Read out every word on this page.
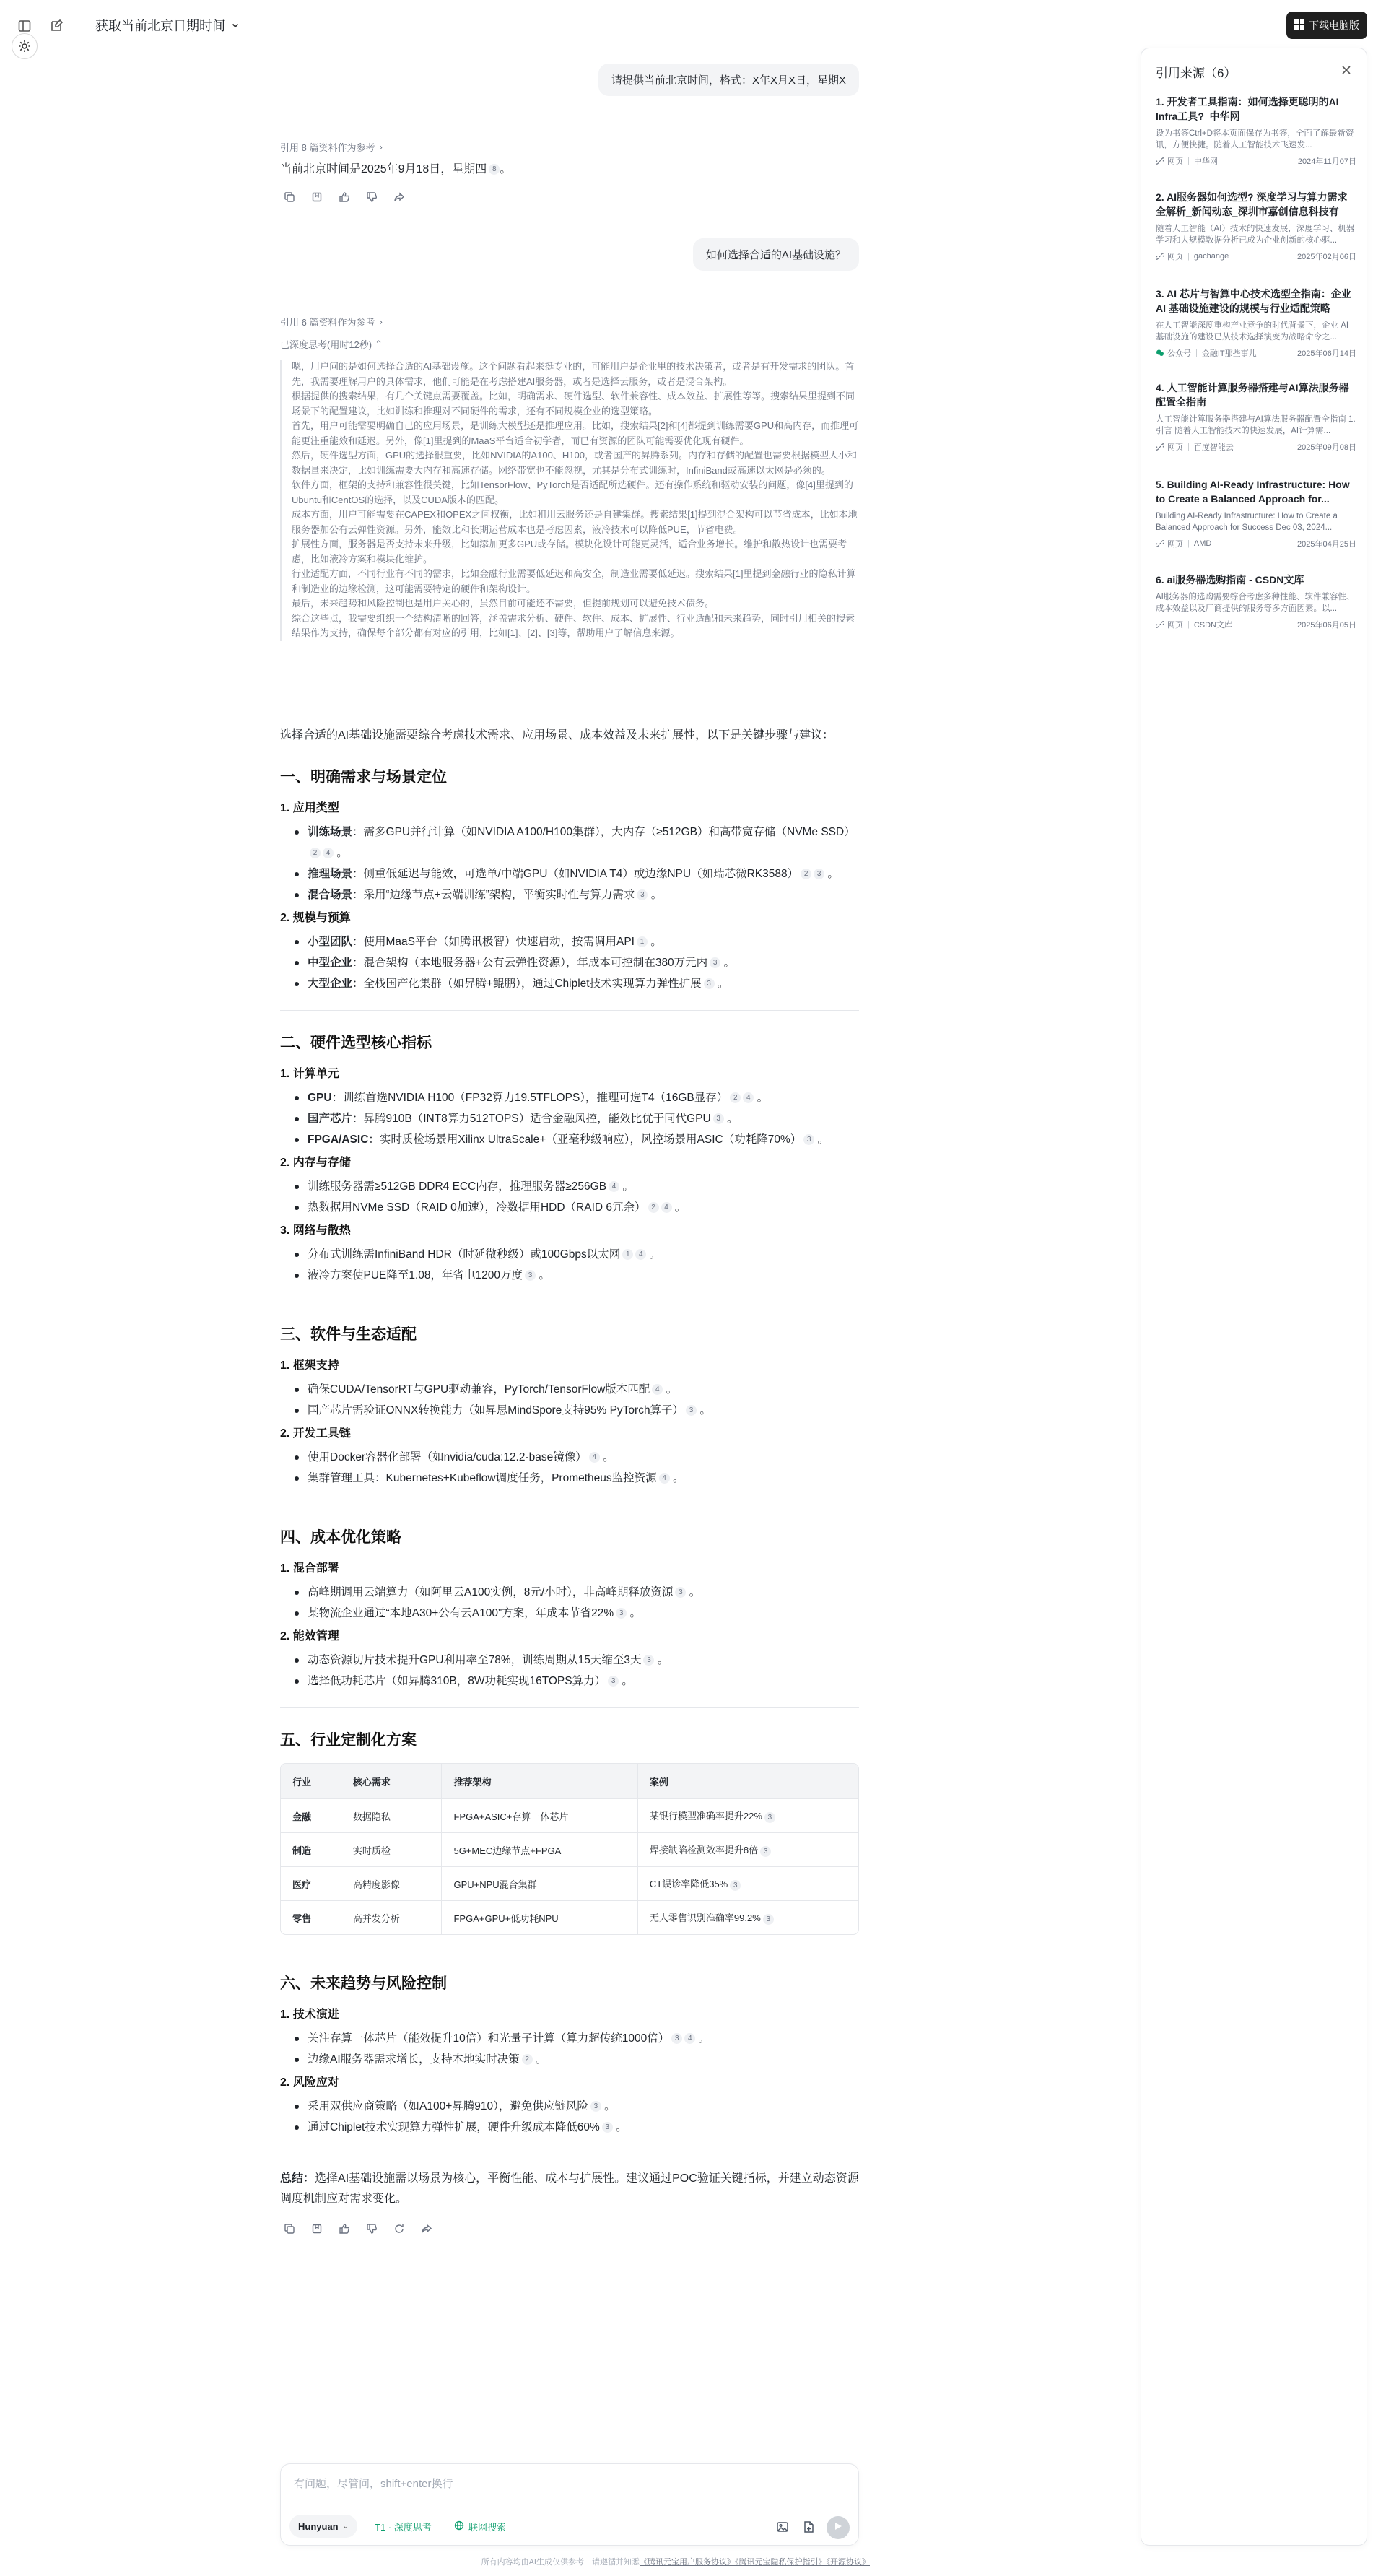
获取当前北京日期时间	下载电脑版
请提供当前北京时间，格式：X年X月X日，星期X
引用 8 篇资料作为参考 ›
当前北京时间是2025年9月18日，星期四 8 。
如何选择合适的AI基础设施？
引用 6 篇资料作为参考 ›
已深度思考(用时12秒) ⌃

嗯，用户问的是如何选择合适的AI基础设施。这个问题看起来挺专业的，可能用户是企业里的技术决策者，或者是有开发需求的团队。首先，我需要理解用户的具体需求，他们可能是在考虑搭建AI服务器，或者是选择云服务，或者是混合架构。

根据提供的搜索结果，有几个关键点需要覆盖。比如，明确需求、硬件选型、软件兼容性、成本效益、扩展性等等。搜索结果里提到不同场景下的配置建议，比如训练和推理对不同硬件的需求，还有不同规模企业的选型策略。

首先，用户可能需要明确自己的应用场景，是训练大模型还是推理应用。比如，搜索结果[2]和[4]都提到训练需要GPU和高内存，而推理可能更注重能效和延迟。另外，像[1]里提到的MaaS平台适合初学者，而已有资源的团队可能需要优化现有硬件。

然后，硬件选型方面，GPU的选择很重要，比如NVIDIA的A100、H100，或者国产的昇腾系列。内存和存储的配置也需要根据模型大小和数据量来决定，比如训练需要大内存和高速存储。网络带宽也不能忽视，尤其是分布式训练时，InfiniBand或高速以太网是必须的。

软件方面，框架的支持和兼容性很关键，比如TensorFlow、PyTorch是否适配所选硬件。还有操作系统和驱动安装的问题，像[4]里提到的Ubuntu和CentOS的选择，以及CUDA版本的匹配。

成本方面，用户可能需要在CAPEX和OPEX之间权衡，比如租用云服务还是自建集群。搜索结果[1]提到混合架构可以节省成本，比如本地服务器加公有云弹性资源。另外，能效比和长期运营成本也是考虑因素，液冷技术可以降低PUE，节省电费。

扩展性方面，服务器是否支持未来升级，比如添加更多GPU或存储。模块化设计可能更灵活，适合业务增长。维护和散热设计也需要考虑，比如液冷方案和模块化维护。

行业适配方面，不同行业有不同的需求，比如金融行业需要低延迟和高安全，制造业需要低延迟。搜索结果[1]里提到金融行业的隐私计算和制造业的边缘检测，这可能需要特定的硬件和架构设计。

最后，未来趋势和风险控制也是用户关心的，虽然目前可能还不需要，但提前规划可以避免技术债务。

综合这些点，我需要组织一个结构清晰的回答，涵盖需求分析、硬件、软件、成本、扩展性、行业适配和未来趋势，同时引用相关的搜索结果作为支持，确保每个部分都有对应的引用，比如[1]、[2]、[3]等，帮助用户了解信息来源。

选择合适的AI基础设施需要综合考虑技术需求、应用场景、成本效益及未来扩展性，以下是关键步骤与建议：
一、明确需求与场景定位
1. 应用类型
训练场景：需多GPU并行计算（如NVIDIA A100/H100集群），大内存（≥512GB）和高带宽存储（NVMe SSD）2 4 。
推理场景：侧重低延迟与能效，可选单/中端GPU（如NVIDIA T4）或边缘NPU（如瑞芯微RK3588） 2 3 。
混合场景：采用“边缘节点+云端训练”架构，平衡实时性与算力需求 3 。
2. 规模与预算
小型团队：使用MaaS平台（如腾讯极智）快速启动，按需调用API 1 。
中型企业：混合架构（本地服务器+公有云弹性资源），年成本可控制在380万元内 3 。
大型企业：全栈国产化集群（如昇腾+鲲鹏），通过Chiplet技术实现算力弹性扩展 3 。
二、硬件选型核心指标
1. 计算单元
GPU：训练首选NVIDIA H100（FP32算力19.5TFLOPS），推理可选T4（16GB显存） 2 4 。
国产芯片：昇腾910B（INT8算力512TOPS）适合金融风控，能效比优于同代GPU 3 。
FPGA/ASIC：实时质检场景用Xilinx UltraScale+（亚毫秒级响应），风控场景用ASIC（功耗降70%） 3 。
2. 内存与存储
训练服务器需≥512GB DDR4 ECC内存，推理服务器≥256GB 4 。
热数据用NVMe SSD（RAID 0加速），冷数据用HDD（RAID 6冗余） 2 4 。
3. 网络与散热
分布式训练需InfiniBand HDR（时延微秒级）或100Gbps以太网 1 4 。
液冷方案使PUE降至1.08，年省电1200万度 3 。
三、软件与生态适配
1. 框架支持
确保CUDA/TensorRT与GPU驱动兼容，PyTorch/TensorFlow版本匹配 4 。
国产芯片需验证ONNX转换能力（如昇思MindSpore支持95% PyTorch算子） 3 。
2. 开发工具链
使用Docker容器化部署（如nvidia/cuda:12.2-base镜像） 4 。
集群管理工具：Kubernetes+Kubeflow调度任务，Prometheus监控资源 4 。
四、成本优化策略
1. 混合部署
高峰期调用云端算力（如阿里云A100实例，8元/小时），非高峰期释放资源 3 。
某物流企业通过“本地A30+公有云A100”方案，年成本节省22% 3 。
2. 能效管理
动态资源切片技术提升GPU利用率至78%，训练周期从15天缩至3天 3 。
选择低功耗芯片（如昇腾310B，8W功耗实现16TOPS算力） 3 。
五、行业定制化方案
行业	核心需求	推荐架构	案例
金融	数据隐私	FPGA+ASIC+存算一体芯片	某银行模型准确率提升22% 3
制造	实时质检	5G+MEC边缘节点+FPGA	焊接缺陷检测效率提升8倍 3
医疗	高精度影像	GPU+NPU混合集群	CT误诊率降低35% 3
零售	高并发分析	FPGA+GPU+低功耗NPU	无人零售识别准确率99.2% 3
六、未来趋势与风险控制
1. 技术演进
关注存算一体芯片（能效提升10倍）和光量子计算（算力超传统1000倍） 3 4 。
边缘AI服务器需求增长，支持本地实时决策 2 。
2. 风险应对
采用双供应商策略（如A100+昇腾910），避免供应链风险 3 。
通过Chiplet技术实现算力弹性扩展，硬件升级成本降低60% 3 。
总结：选择AI基础设施需以场景为核心，平衡性能、成本与扩展性。建议通过POC验证关键指标，并建立动态资源调度机制应对需求变化。
有问题，尽管问，shift+enter换行
Hunyuan ⌄	T1 · 深度思考	联网搜索
所有内容均由AI生成仅供参考｜请遵循并知悉《腾讯元宝用户服务协议》《腾讯元宝隐私保护指引》《开源协议》
引用来源（6）
1. 开发者工具指南：如何选择更聪明的AI Infra工具?_中华网
设为书签Ctrl+D将本页面保存为书签，全面了解最新资讯，方便快捷。随着人工智能技术飞速发...
网页 | 中华网	2024年11月07日
2. AI服务器如何选型? 深度学习与算力需求全解析_新闻动态_深圳市嘉创信息科技有
随着人工智能（AI）技术的快速发展，深度学习、机器学习和大规模数据分析已成为企业创新的核心驱...
网页 | gachange	2025年02月06日
3. AI 芯片与智算中心技术选型全指南：企业 AI 基础设施建设的规模与行业适配策略
在人工智能深度重构产业竞争的时代背景下，企业 AI 基础设施的建设已从技术选择演变为战略命令之...
公众号 | 金融IT那些事儿	2025年06月14日
4. 人工智能计算服务器搭建与AI算法服务器配置全指南
人工智能计算服务器搭建与AI算法服务器配置全指南 1. 引言 随着人工智能技术的快速发展，AI计算需...
网页 | 百度智能云	2025年09月08日
5. Building AI-Ready Infrastructure: How to Create a Balanced Approach for...
Building AI-Ready Infrastructure: How to Create a Balanced Approach for Success Dec 03, 2024...
网页 | AMD	2025年04月25日
6. ai服务器选购指南 - CSDN文库
AI服务器的选购需要综合考虑多种性能、软件兼容性、成本效益以及厂商提供的服务等多方面因素。以...
网页 | CSDN文库	2025年06月05日
